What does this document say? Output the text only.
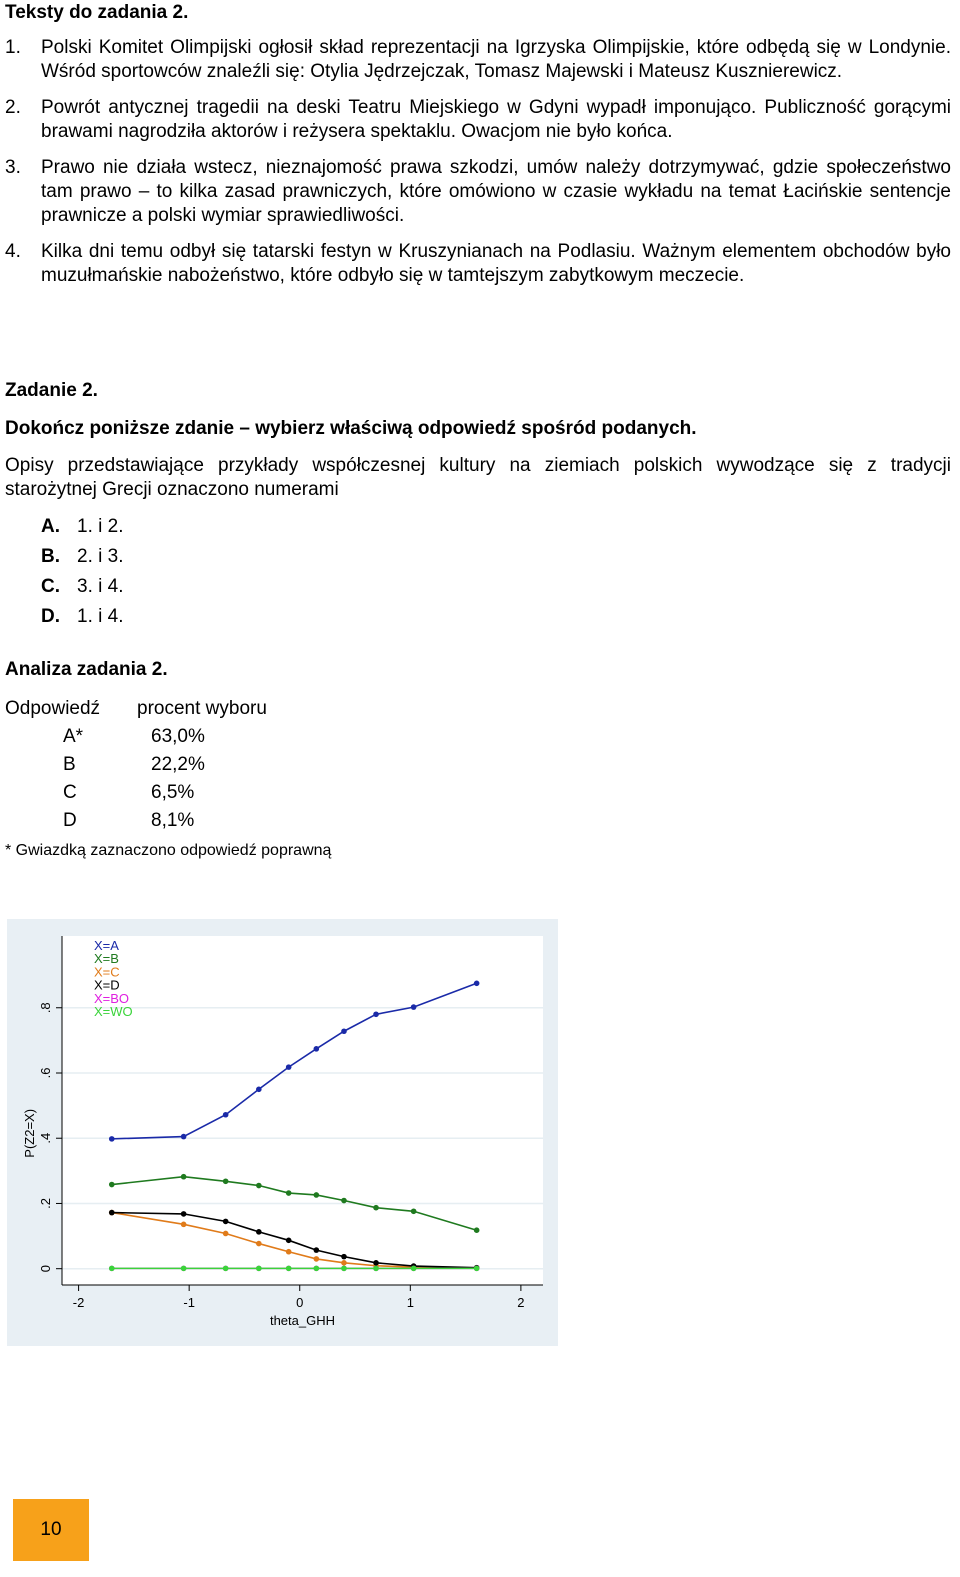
Teksty do zadania 2.
1. Polski Komitet Olimpijski ogłosił skład reprezentacji na Igrzyska Olimpijskie, które odbędą się w Londynie. Wśród sportowców znaleźli się: Otylia Jędrzejczak, Tomasz Majewski i Mateusz Kusznierewicz.
2. Powrót antycznej tragedii na deski Teatru Miejskiego w Gdyni wypadł imponująco. Publiczność gorącymi brawami nagrodziła aktorów i reżysera spektaklu. Owacjom nie było końca.
3. Prawo nie działa wstecz, nieznajomość prawa szkodzi, umów należy dotrzymywać, gdzie społeczeństwo tam prawo – to kilka zasad prawniczych, które omówiono w czasie wykładu na temat Łacińskie sentencje prawnicze a polski wymiar sprawiedliwości.
4. Kilka dni temu odbył się tatarski festyn w Kruszynianach na Podlasiu. Ważnym elementem obchodów było muzułmańskie nabożeństwo, które odbyło się w tamtejszym zabytkowym meczecie.
Zadanie 2.
Dokończ poniższe zdanie – wybierz właściwą odpowiedź spośród podanych.
Opisy przedstawiające przykłady współczesnej kultury na ziemiach polskich wywodzące się z tradycji starożytnej Grecji oznaczono numerami
A. 1. i 2.
B. 2. i 3.
C. 3. i 4.
D. 1. i 4.
Analiza zadania 2.
Odpowiedź procent wyboru
A*	63,0%
B	22,2%
C	6,5%
D	8,1%
* Gwiazdką zaznaczono odpowiedź poprawną
0
.2
.4
.6
.8
-2	-1	0	1	2
theta_GHH
P(Z2=X)
X=A
X=B
X=C
X=D
X=BO
X=WO
10
